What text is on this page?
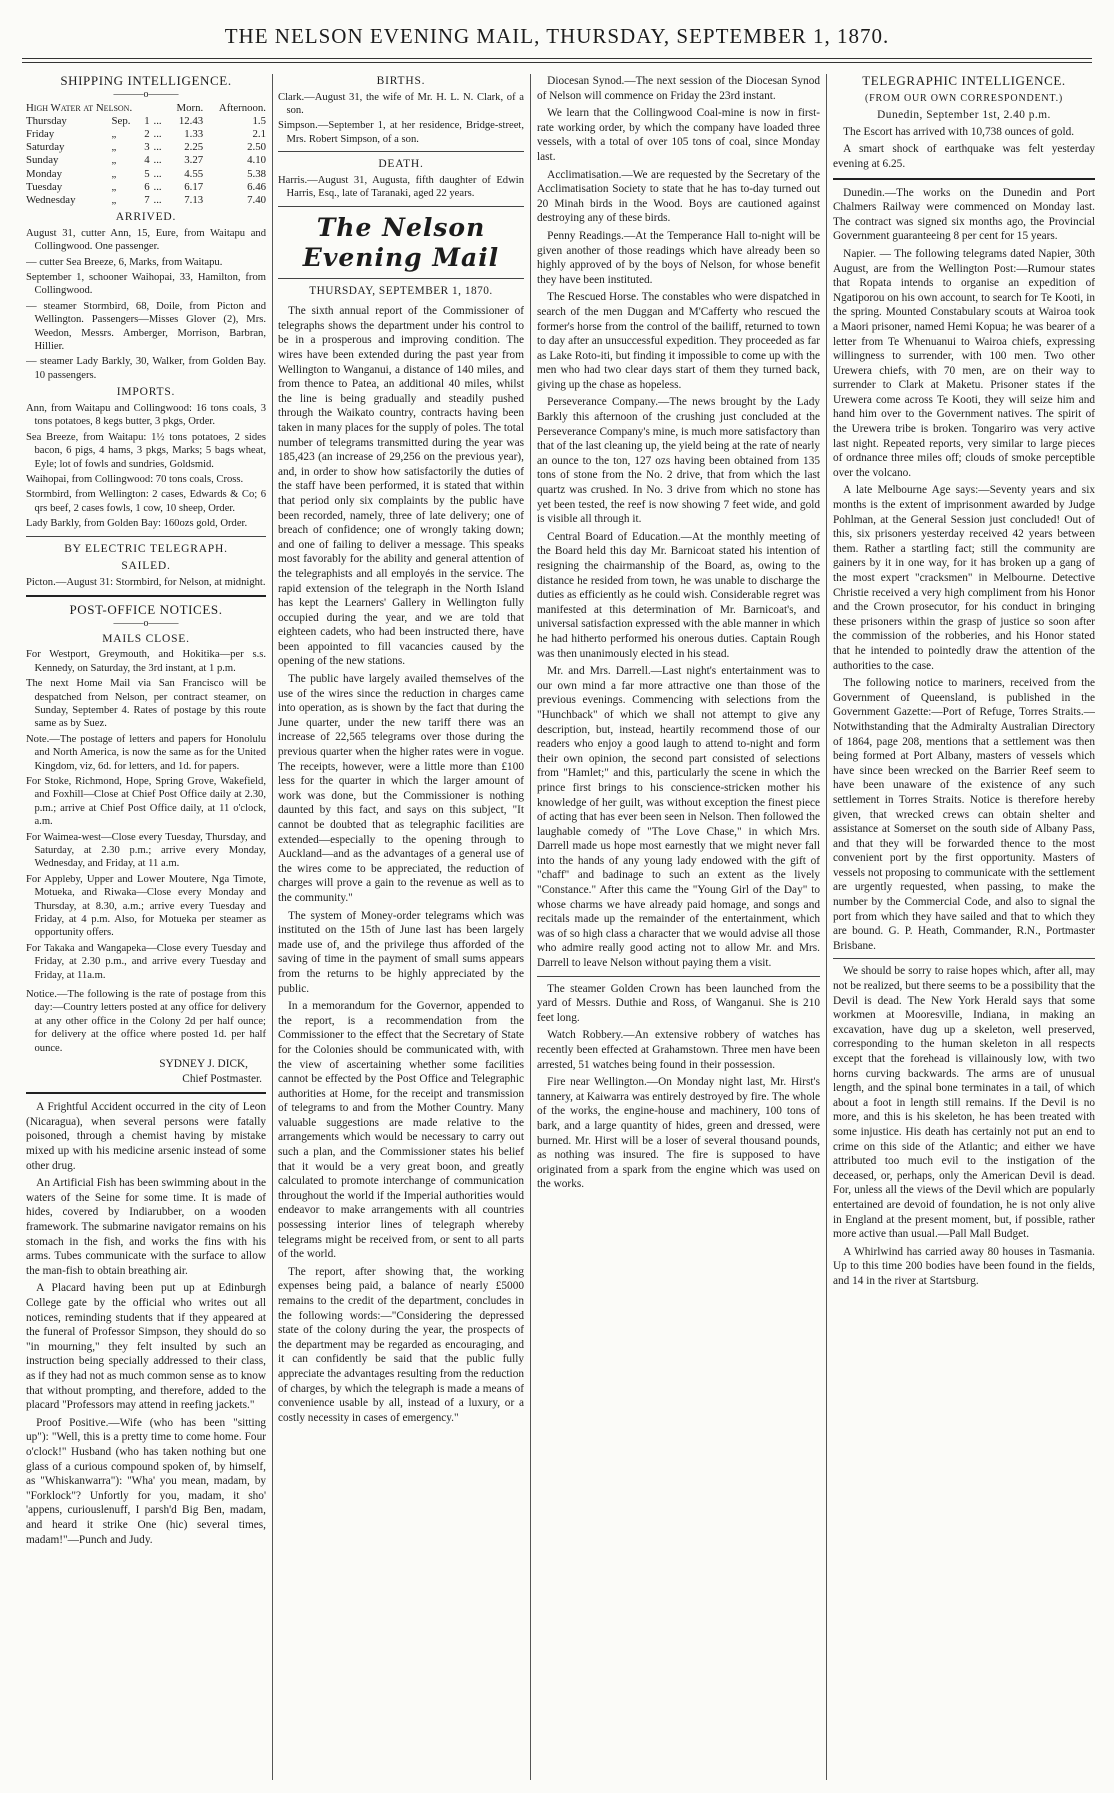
THE NELSON EVENING MAIL, THURSDAY, SEPTEMBER 1, 1870.
SHIPPING INTELLIGENCE.
———o———
High Water at Nelson.				Morn.	Afternoon.
Thursday	Sep.	1	...	12.43	1.5
Friday	„	2	...	1.33	2.1
Saturday	„	3	...	2.25	2.50
Sunday	„	4	...	3.27	4.10
Monday	„	5	...	4.55	5.38
Tuesday	„	6	...	6.17	6.46
Wednesday	„	7	...	7.13	7.40
ARRIVED.

August 31, cutter Ann, 15, Eure, from Waitapu and Collingwood. One passenger.

— cutter Sea Breeze, 6, Marks, from Waitapu.

September 1, schooner Waihopai, 33, Hamilton, from Collingwood.

— steamer Stormbird, 68, Doile, from Picton and Wellington. Passengers—Misses Glover (2), Mrs. Weedon, Messrs. Amberger, Morrison, Barbran, Hillier.

— steamer Lady Barkly, 30, Walker, from Golden Bay. 10 passengers.

IMPORTS.

Ann, from Waitapu and Collingwood: 16 tons coals, 3 tons potatoes, 8 kegs butter, 3 pkgs, Order.

Sea Breeze, from Waitapu: 1½ tons potatoes, 2 sides bacon, 6 pigs, 4 hams, 3 pkgs, Marks; 5 bags wheat, Eyle; lot of fowls and sundries, Goldsmid.

Waihopai, from Collingwood: 70 tons coals, Cross.

Stormbird, from Wellington: 2 cases, Edwards & Co; 6 qrs beef, 2 cases fowls, 1 cow, 10 sheep, Order.

Lady Barkly, from Golden Bay: 160ozs gold, Order.

BY ELECTRIC TELEGRAPH.
SAILED.

Picton.—August 31: Stormbird, for Nelson, at midnight.

POST-OFFICE NOTICES.
———o———
MAILS CLOSE.

For Westport, Greymouth, and Hokitika—per s.s. Kennedy, on Saturday, the 3rd instant, at 1 p.m.

The next Home Mail via San Francisco will be despatched from Nelson, per contract steamer, on Sunday, September 4. Rates of postage by this route same as by Suez.

Note.—The postage of letters and papers for Honolulu and North America, is now the same as for the United Kingdom, viz, 6d. for letters, and 1d. for papers.

For Stoke, Richmond, Hope, Spring Grove, Wakefield, and Foxhill—Close at Chief Post Office daily at 2.30, p.m.; arrive at Chief Post Office daily, at 11 o'clock, a.m.

For Waimea-west—Close every Tuesday, Thursday, and Saturday, at 2.30 p.m.; arrive every Monday, Wednesday, and Friday, at 11 a.m.

For Appleby, Upper and Lower Moutere, Nga Timote, Motueka, and Riwaka—Close every Monday and Thursday, at 8.30, a.m.; arrive every Tuesday and Friday, at 4 p.m. Also, for Motueka per steamer as opportunity offers.

For Takaka and Wangapeka—Close every Tuesday and Friday, at 2.30 p.m., and arrive every Tuesday and Friday, at 11a.m.

Notice.—The following is the rate of postage from this day:—Country letters posted at any office for delivery at any other office in the Colony 2d per half ounce; for delivery at the office where posted 1d. per half ounce.

SYDNEY J. DICK,
Chief Postmaster.

A Frightful Accident occurred in the city of Leon (Nicaragua), when several persons were fatally poisoned, through a chemist having by mistake mixed up with his medicine arsenic instead of some other drug.

An Artificial Fish has been swimming about in the waters of the Seine for some time. It is made of hides, covered by Indiarubber, on a wooden framework. The submarine navigator remains on his stomach in the fish, and works the fins with his arms. Tubes communicate with the surface to allow the man-fish to obtain breathing air.

A Placard having been put up at Edinburgh College gate by the official who writes out all notices, reminding students that if they appeared at the funeral of Professor Simpson, they should do so "in mourning," they felt insulted by such an instruction being specially addressed to their class, as if they had not as much common sense as to know that without prompting, and therefore, added to the placard "Professors may attend in reefing jackets."

Proof Positive.—Wife (who has been "sitting up"): "Well, this is a pretty time to come home. Four o'clock!" Husband (who has taken nothing but one glass of a curious compound spoken of, by himself, as "Whiskanwarra"): "Wha' you mean, madam, by "Forklock"? Unfortly for you, madam, it sho' 'appens, curiouslenuff, I parsh'd Big Ben, madam, and heard it strike One (hic) several times, madam!"—Punch and Judy.

BIRTHS.

Clark.—August 31, the wife of Mr. H. L. N. Clark, of a son.

Simpson.—September 1, at her residence, Bridge-street, Mrs. Robert Simpson, of a son.

DEATH.

Harris.—August 31, Augusta, fifth daughter of Edwin Harris, Esq., late of Taranaki, aged 22 years.

The Nelson Evening Mail
THURSDAY, SEPTEMBER 1, 1870.

The sixth annual report of the Commissioner of telegraphs shows the department under his control to be in a prosperous and improving condition. The wires have been extended during the past year from Wellington to Wanganui, a distance of 140 miles, and from thence to Patea, an additional 40 miles, whilst the line is being gradually and steadily pushed through the Waikato country, contracts having been taken in many places for the supply of poles. The total number of telegrams transmitted during the year was 185,423 (an increase of 29,256 on the previous year), and, in order to show how satisfactorily the duties of the staff have been performed, it is stated that within that period only six complaints by the public have been recorded, namely, three of late delivery; one of breach of confidence; one of wrongly taking down; and one of failing to deliver a message. This speaks most favorably for the ability and general attention of the telegraphists and all employés in the service. The rapid extension of the telegraph in the North Island has kept the Learners' Gallery in Wellington fully occupied during the year, and we are told that eighteen cadets, who had been instructed there, have been appointed to fill vacancies caused by the opening of the new stations.

The public have largely availed themselves of the use of the wires since the reduction in charges came into operation, as is shown by the fact that during the June quarter, under the new tariff there was an increase of 22,565 telegrams over those during the previous quarter when the higher rates were in vogue. The receipts, however, were a little more than £100 less for the quarter in which the larger amount of work was done, but the Commissioner is nothing daunted by this fact, and says on this subject, "It cannot be doubted that as telegraphic facilities are extended—especially to the opening through to Auckland—and as the advantages of a general use of the wires come to be appreciated, the reduction of charges will prove a gain to the revenue as well as to the community."

The system of Money-order telegrams which was instituted on the 15th of June last has been largely made use of, and the privilege thus afforded of the saving of time in the payment of small sums appears from the returns to be highly appreciated by the public.

In a memorandum for the Governor, appended to the report, is a recommendation from the Commissioner to the effect that the Secretary of State for the Colonies should be communicated with, with the view of ascertaining whether some facilities cannot be effected by the Post Office and Telegraphic authorities at Home, for the receipt and transmission of telegrams to and from the Mother Country. Many valuable suggestions are made relative to the arrangements which would be necessary to carry out such a plan, and the Commissioner states his belief that it would be a very great boon, and greatly calculated to promote interchange of communication throughout the world if the Imperial authorities would endeavor to make arrangements with all countries possessing interior lines of telegraph whereby telegrams might be received from, or sent to all parts of the world.

The report, after showing that, the working expenses being paid, a balance of nearly £5000 remains to the credit of the department, concludes in the following words:—"Considering the depressed state of the colony during the year, the prospects of the department may be regarded as encouraging, and it can confidently be said that the public fully appreciate the advantages resulting from the reduction of charges, by which the telegraph is made a means of convenience usable by all, instead of a luxury, or a costly necessity in cases of emergency."

Diocesan Synod.—The next session of the Diocesan Synod of Nelson will commence on Friday the 23rd instant.

We learn that the Collingwood Coal-mine is now in first-rate working order, by which the company have loaded three vessels, with a total of over 105 tons of coal, since Monday last.

Acclimatisation.—We are requested by the Secretary of the Acclimatisation Society to state that he has to-day turned out 20 Minah birds in the Wood. Boys are cautioned against destroying any of these birds.

Penny Readings.—At the Temperance Hall to-night will be given another of those readings which have already been so highly approved of by the boys of Nelson, for whose benefit they have been instituted.

The Rescued Horse. The constables who were dispatched in search of the men Duggan and M'Cafferty who rescued the former's horse from the control of the bailiff, returned to town to day after an unsuccessful expedition. They proceeded as far as Lake Roto-iti, but finding it impossible to come up with the men who had two clear days start of them they turned back, giving up the chase as hopeless.

Perseverance Company.—The news brought by the Lady Barkly this afternoon of the crushing just concluded at the Perseverance Company's mine, is much more satisfactory than that of the last cleaning up, the yield being at the rate of nearly an ounce to the ton, 127 ozs having been obtained from 135 tons of stone from the No. 2 drive, that from which the last quartz was crushed. In No. 3 drive from which no stone has yet been tested, the reef is now showing 7 feet wide, and gold is visible all through it.

Central Board of Education.—At the monthly meeting of the Board held this day Mr. Barnicoat stated his intention of resigning the chairmanship of the Board, as, owing to the distance he resided from town, he was unable to discharge the duties as efficiently as he could wish. Considerable regret was manifested at this determination of Mr. Barnicoat's, and universal satisfaction expressed with the able manner in which he had hitherto performed his onerous duties. Captain Rough was then unanimously elected in his stead.

Mr. and Mrs. Darrell.—Last night's entertainment was to our own mind a far more attractive one than those of the previous evenings. Commencing with selections from the "Hunchback" of which we shall not attempt to give any description, but, instead, heartily recommend those of our readers who enjoy a good laugh to attend to-night and form their own opinion, the second part consisted of selections from "Hamlet;" and this, particularly the scene in which the prince first brings to his conscience-stricken mother his knowledge of her guilt, was without exception the finest piece of acting that has ever been seen in Nelson. Then followed the laughable comedy of "The Love Chase," in which Mrs. Darrell made us hope most earnestly that we might never fall into the hands of any young lady endowed with the gift of "chaff" and badinage to such an extent as the lively "Constance." After this came the "Young Girl of the Day" to whose charms we have already paid homage, and songs and recitals made up the remainder of the entertainment, which was of so high class a character that we would advise all those who admire really good acting not to allow Mr. and Mrs. Darrell to leave Nelson without paying them a visit.

The steamer Golden Crown has been launched from the yard of Messrs. Duthie and Ross, of Wanganui. She is 210 feet long.

Watch Robbery.—An extensive robbery of watches has recently been effected at Grahamstown. Three men have been arrested, 51 watches being found in their possession.

Fire near Wellington.—On Monday night last, Mr. Hirst's tannery, at Kaiwarra was entirely destroyed by fire. The whole of the works, the engine-house and machinery, 100 tons of bark, and a large quantity of hides, green and dressed, were burned. Mr. Hirst will be a loser of several thousand pounds, as nothing was insured. The fire is supposed to have originated from a spark from the engine which was used on the works.

TELEGRAPHIC INTELLIGENCE.
(FROM OUR OWN CORRESPONDENT.)
Dunedin, September 1st, 2.40 p.m.

The Escort has arrived with 10,738 ounces of gold.

A smart shock of earthquake was felt yesterday evening at 6.25.

Dunedin.—The works on the Dunedin and Port Chalmers Railway were commenced on Monday last. The contract was signed six months ago, the Provincial Government guaranteeing 8 per cent for 15 years.

Napier. — The following telegrams dated Napier, 30th August, are from the Wellington Post:—Rumour states that Ropata intends to organise an expedition of Ngatiporou on his own account, to search for Te Kooti, in the spring. Mounted Constabulary scouts at Wairoa took a Maori prisoner, named Hemi Kopua; he was bearer of a letter from Te Whenuanui to Wairoa chiefs, expressing willingness to surrender, with 100 men. Two other Urewera chiefs, with 70 men, are on their way to surrender to Clark at Maketu. Prisoner states if the Urewera come across Te Kooti, they will seize him and hand him over to the Government natives. The spirit of the Urewera tribe is broken. Tongariro was very active last night. Repeated reports, very similar to large pieces of ordnance three miles off; clouds of smoke perceptible over the volcano.

A late Melbourne Age says:—Seventy years and six months is the extent of imprisonment awarded by Judge Pohlman, at the General Session just concluded! Out of this, six prisoners yesterday received 42 years between them. Rather a startling fact; still the community are gainers by it in one way, for it has broken up a gang of the most expert "cracksmen" in Melbourne. Detective Christie received a very high compliment from his Honor and the Crown prosecutor, for his conduct in bringing these prisoners within the grasp of justice so soon after the commission of the robberies, and his Honor stated that he intended to pointedly draw the attention of the authorities to the case.

The following notice to mariners, received from the Government of Queensland, is published in the Government Gazette:—Port of Refuge, Torres Straits.—Notwithstanding that the Admiralty Australian Directory of 1864, page 208, mentions that a settlement was then being formed at Port Albany, masters of vessels which have since been wrecked on the Barrier Reef seem to have been unaware of the existence of any such settlement in Torres Straits. Notice is therefore hereby given, that wrecked crews can obtain shelter and assistance at Somerset on the south side of Albany Pass, and that they will be forwarded thence to the most convenient port by the first opportunity. Masters of vessels not proposing to communicate with the settlement are urgently requested, when passing, to make the number by the Commercial Code, and also to signal the port from which they have sailed and that to which they are bound. G. P. Heath, Commander, R.N., Portmaster Brisbane.

We should be sorry to raise hopes which, after all, may not be realized, but there seems to be a possibility that the Devil is dead. The New York Herald says that some workmen at Mooresville, Indiana, in making an excavation, have dug up a skeleton, well preserved, corresponding to the human skeleton in all respects except that the forehead is villainously low, with two horns curving backwards. The arms are of unusual length, and the spinal bone terminates in a tail, of which about a foot in length still remains. If the Devil is no more, and this is his skeleton, he has been treated with some injustice. His death has certainly not put an end to crime on this side of the Atlantic; and either we have attributed too much evil to the instigation of the deceased, or, perhaps, only the American Devil is dead. For, unless all the views of the Devil which are popularly entertained are devoid of foundation, he is not only alive in England at the present moment, but, if possible, rather more active than usual.—Pall Mall Budget.

A Whirlwind has carried away 80 houses in Tasmania. Up to this time 200 bodies have been found in the fields, and 14 in the river at Startsburg.
